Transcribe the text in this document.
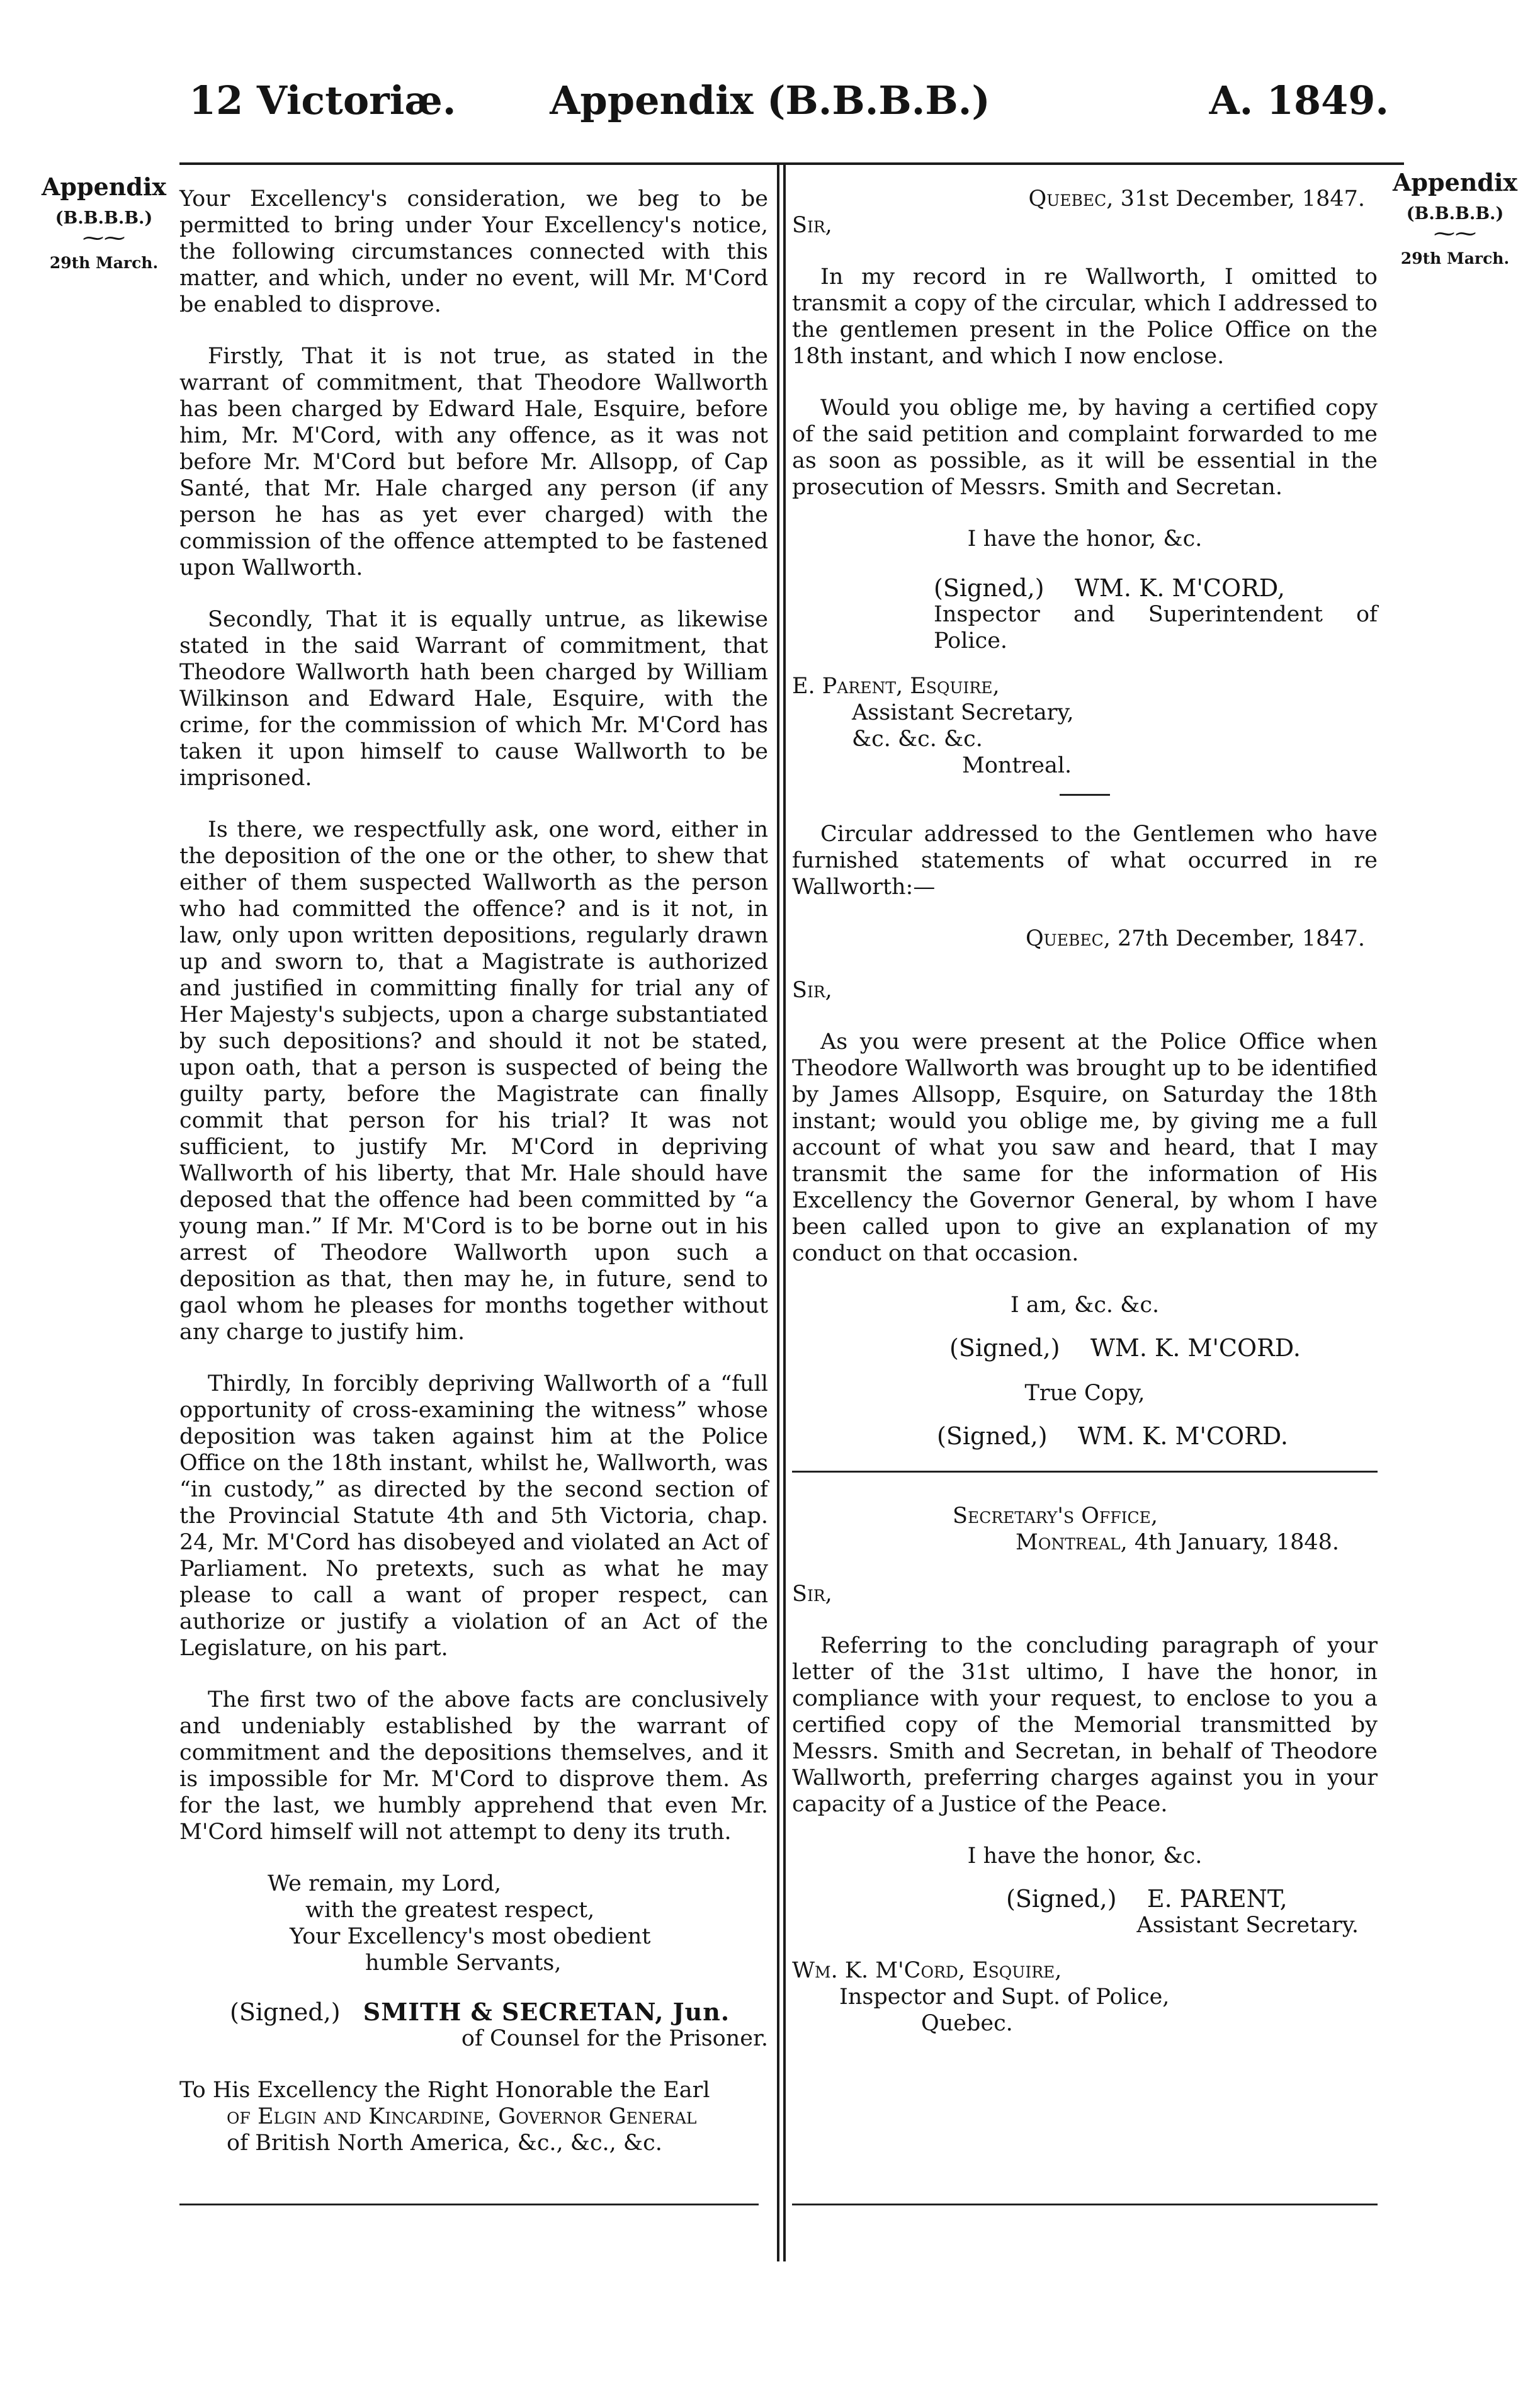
Appendix (B.B.B.B.)
12 Victoriæ.	A. 1849.
Appendix
(B.B.B.B.)
⁓⁓
29th March.
Appendix
(B.B.B.B.)
⁓⁓
29th March.

Your Excellency's consideration, we beg to be permitted to bring under Your Excellency's notice, the following circumstances connected with this matter, and which, under no event, will Mr. M'Cord be enabled to disprove.

Firstly, That it is not true, as stated in the warrant of commitment, that Theodore Wallworth has been charged by Edward Hale, Esquire, before him, Mr. M'Cord, with any offence, as it was not before Mr. M'Cord but before Mr. Allsopp, of Cap Santé, that Mr. Hale charged any person (if any person he has as yet ever charged) with the commission of the offence attempted to be fastened upon Wallworth.

Secondly, That it is equally untrue, as likewise stated in the said Warrant of commitment, that Theodore Wallworth hath been charged by William Wilkinson and Edward Hale, Esquire, with the crime, for the commission of which Mr. M'Cord has taken it upon himself to cause Wallworth to be imprisoned.

Is there, we respectfully ask, one word, either in the deposition of the one or the other, to shew that either of them suspected Wallworth as the person who had committed the offence? and is it not, in law, only upon written depositions, regularly drawn up and sworn to, that a Magistrate is authorized and justified in committing finally for trial any of Her Majesty's subjects, upon a charge substantiated by such depositions? and should it not be stated, upon oath, that a person is suspected of being the guilty party, before the Magistrate can finally commit that person for his trial? It was not sufficient, to justify Mr. M'Cord in depriving Wallworth of his liberty, that Mr. Hale should have deposed that the offence had been committed by “a young man.” If Mr. M'Cord is to be borne out in his arrest of Theodore Wallworth upon such a deposition as that, then may he, in future, send to gaol whom he pleases for months together without any charge to justify him.

Thirdly, In forcibly depriving Wallworth of a “full opportunity of cross-examining the witness” whose deposition was taken against him at the Police Office on the 18th instant, whilst he, Wallworth, was “in custody,” as directed by the second section of the Provincial Statute 4th and 5th Victoria, chap. 24, Mr. M'Cord has disobeyed and violated an Act of Parliament. No pretexts, such as what he may please to call a want of proper respect, can authorize or justify a violation of an Act of the Legislature, on his part.

The first two of the above facts are conclusively and undeniably established by the warrant of commitment and the depositions themselves, and it is impossible for Mr. M'Cord to disprove them. As for the last, we humbly apprehend that even Mr. M'Cord himself will not attempt to deny its truth.

We remain, my Lord,
with the greatest respect,
Your Excellency's most obedient
humble Servants,
(Signed,) SMITH & SECRETAN, Jun.
of Counsel for the Prisoner.
To His Excellency the Right Honorable the Earl
of Elgin and Kincardine, Governor General
of British North America, &c., &c., &c.
Quebec, 31st December, 1847.
Sir,

In my record in re Wallworth, I omitted to transmit a copy of the circular, which I addressed to the gentlemen present in the Police Office on the 18th instant, and which I now enclose.

Would you oblige me, by having a certified copy of the said petition and complaint forwarded to me as soon as possible, as it will be essential in the prosecution of Messrs. Smith and Secretan.

I have the honor, &c.
(Signed,) WM. K. M'CORD,
Inspector and Superintendent of Police.
E. Parent, Esquire,
Assistant Secretary,
&c. &c. &c.
Montreal.

Circular addressed to the Gentlemen who have furnished statements of what occurred in re Wallworth:—

Quebec, 27th December, 1847.
Sir,

As you were present at the Police Office when Theodore Wallworth was brought up to be identified by James Allsopp, Esquire, on Saturday the 18th instant; would you oblige me, by giving me a full account of what you saw and heard, that I may transmit the same for the information of His Excellency the Governor General, by whom I have been called upon to give an explanation of my conduct on that occasion.

I am, &c. &c.
(Signed,) WM. K. M'CORD.
True Copy,
(Signed,) WM. K. M'CORD.
Secretary's Office,
Montreal, 4th January, 1848.
Sir,

Referring to the concluding paragraph of your letter of the 31st ultimo, I have the honor, in compliance with your request, to enclose to you a certified copy of the Memorial transmitted by Messrs. Smith and Secretan, in behalf of Theodore Wallworth, preferring charges against you in your capacity of a Justice of the Peace.

I have the honor, &c.
(Signed,) E. PARENT,
Assistant Secretary.
Wm. K. M'Cord, Esquire,
Inspector and Supt. of Police,
Quebec.
